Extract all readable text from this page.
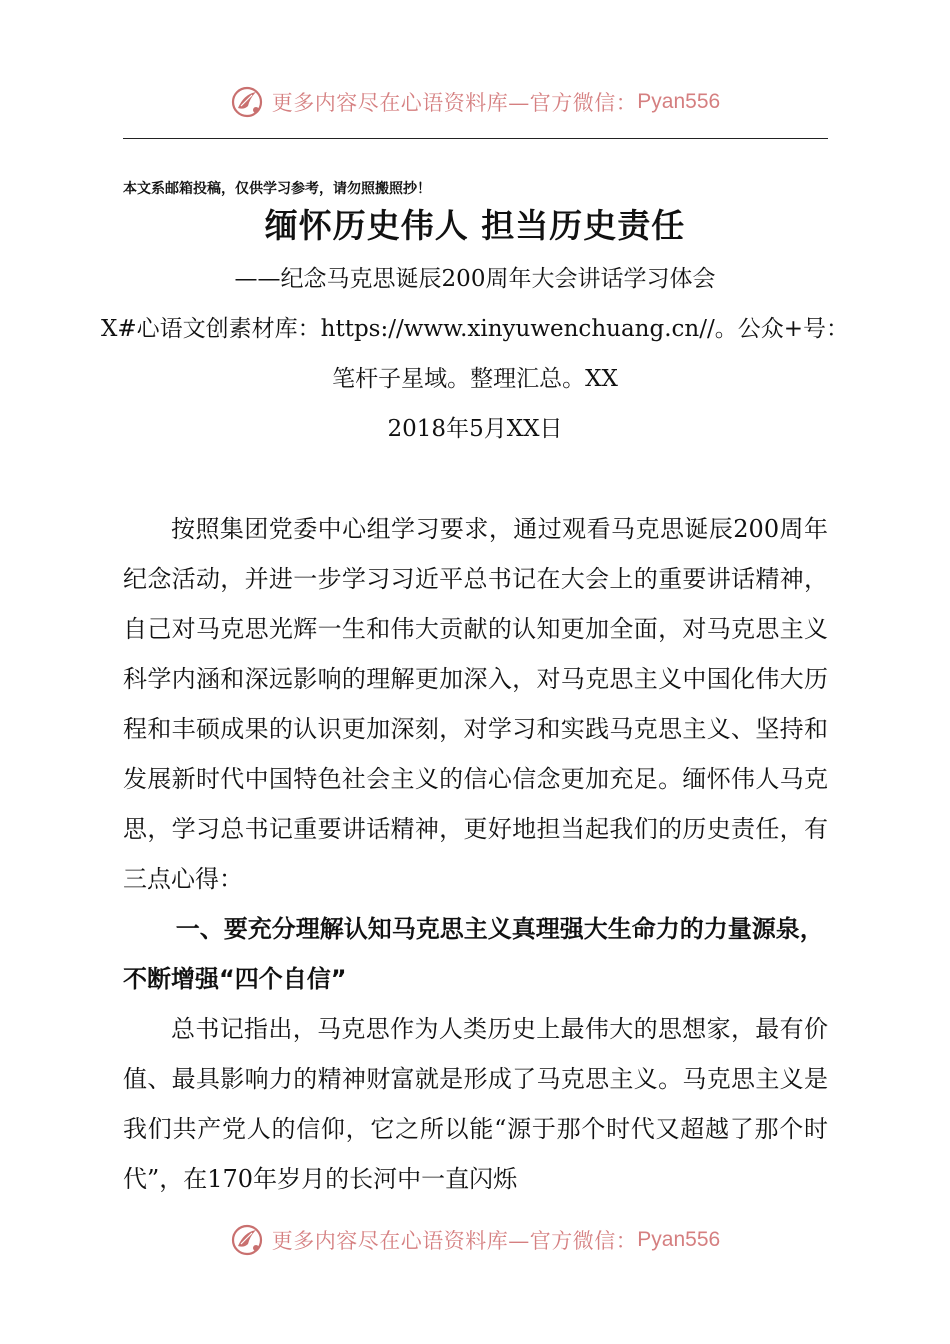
更多内容尽在心语资料库—官方微信： Pyan556
本文系邮箱投稿，仅供学习参考，请勿照搬照抄！
缅怀历史伟人 担当历史责任
——纪念马克思诞辰200周年大会讲话学习体会
X#心语文创素材库：https://www.xinyuwenchuang.cn//。公众+号：
笔杆子星域。整理汇总。XX
2018年5月XX日

按照集团党委中心组学习要求，通过观看马克思诞辰200周年纪念活动，并进一步学习习近平总书记在大会上的重要讲话精神，自己对马克思光辉一生和伟大贡献的认知更加全面，对马克思主义科学内涵和深远影响的理解更加深入，对马克思主义中国化伟大历程和丰硕成果的认识更加深刻，对学习和实践马克思主义、坚持和发展新时代中国特色社会主义的信心信念更加充足。缅怀伟人马克思，学习总书记重要讲话精神，更好地担当起我们的历史责任，有三点心得：

一、要充分理解认知马克思主义真理强大生命力的力量源泉，不断增强“四个自信”

总书记指出，马克思作为人类历史上最伟大的思想家，最有价值、最具影响力的精神财富就是形成了马克思主义。马克思主义是我们共产党人的信仰，它之所以能“源于那个时代又超越了那个时代”，在170年岁月的长河中一直闪烁

更多内容尽在心语资料库—官方微信： Pyan556
